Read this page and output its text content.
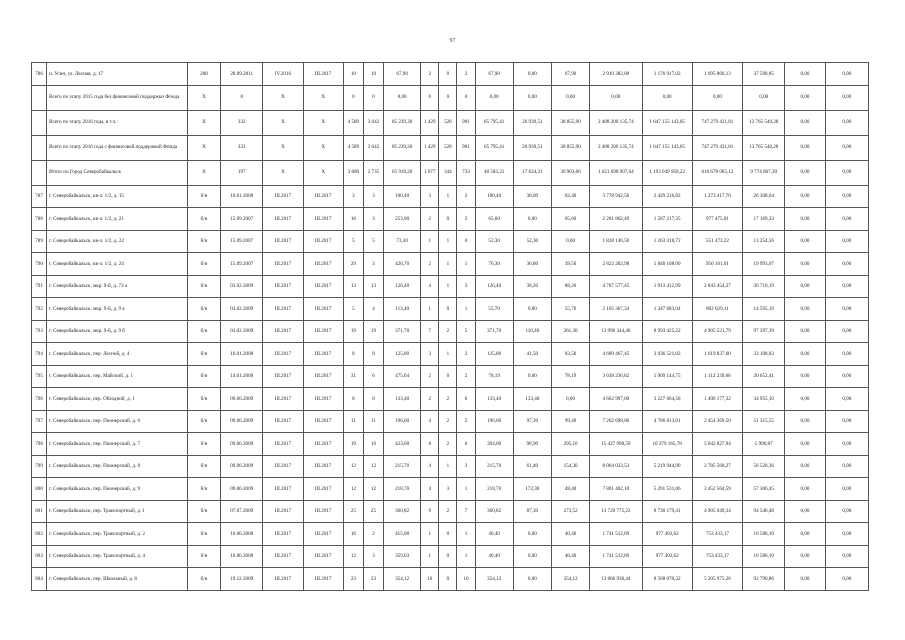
97
786	п. Усин, ул. Лесная, д. 17	288	28.09.2011	IV.2016	III.2017	10	10	67,90	2	0	2	67,90	0,00	67,90	2 910 382,00	1 176 917,02	1 695 866,13	37 598,85	0,00	0,00
	Всего по этапу 2015 года без финансовой поддержки Фонда	X	0	X	X	0	0	0,00	0	0	0	0,00	0,00	0,00	0,00	0,00	0,00	0,00	0,00	0,00
	Всего по этапу 2016 года, в т.ч.:	X	332	X	X	4 589	3 642	85 239,20	1 429	528	901	65 795,41	26 939,51	38 855,90	2 408 200 135,74	1 647 155 143,05	747 279 431,81	13 765 540,28	0,00	0,00
	Всего по этапу 2016 года с финансовой поддержкой Фонда	X	332	X	X	4 589	3 642	85 239,20	1 429	528	901	65 795,41	26 939,51	38 855,90	2 408 200 135,74	1 647 155 143,05	747 279 431,81	13 765 540,28	0,00	0,00
	Итого по Город Северобайкальск	X	197	X	X	3 680	2 735	65 918,20	1 077	344	733	48 583,31	17 624,31	30 963,06	1 621 698 907,64	1 193 049 958,22	616 678 085,12	9 774 867,30	0,00	0,00
787	г. Северобайкальск, кв-л. 1/2, д. 15	б/н	16.01.2008	III.2017	III.2017	3	3	100,40	3	1	2	100,40	38,00	62,40	3 778 942,50	2 429 216,82	1 273 417,70	26 308,04	0,00	0,00
788	г. Северобайкальск, кв-л. 1/2, д. 21	б/н	15.09.2007	III.2017	III.2017	16	3	253,90	2	0	2	65,60	0,00	65,60	2 281 862,49	1 587 217,35	977 475,81	17 169,33	0,00	0,00
789	г. Северобайкальск, кв-л. 1/2, д. 22	б/н	15.09.2007	III.2017	III.2017	5	5	73,30	1	1	0	52,30	52,30	0,00	1 828 146,50	1 263 418,72	551 473,22	13 254,56	0,00	0,00
790	г. Северобайкальск, кв-л. 1/2, д. 24	б/н	15.09.2007	III.2017	III.2017	29	3	426,70	2	1	1	76,30	36,80	39,50	2 822 262,98	1 846 108,00	956 161,91	19 993,07	0,00	0,00
791	г. Северобайкальск, мкр. 9-й, д. 73 а	б/н	03.02.2009	III.2017	III.2017	13	13	126,40	4	1	3	126,40	38,20	88,20	4 787 577,45	1 913 412,99	2 843 454,27	30 710,19	0,00	0,00
792	г. Северобайкальск, мкр. 9-й, д. 9 а	б/н	03.02.2009	III.2017	III.2017	5	4	113,40	1	0	1	55,70	0,00	55,70	2 165 367,34	1 347 683,04	802 629,11	14 595,19	0,00	0,00
793	г. Северобайкальск, мкр. 9-й, д. 9 б	б/н	03.02.2009	III.2017	III.2017	19	19	371,70	7	2	5	371,70	110,40	261,30	13 996 344,40	8 993 425,22	4 905 521,79	97 397,39	0,00	0,00
794	г. Северобайкальск, пер. Лесной, д. 4	б/н	16.01.2008	III.2017	III.2017	8	8	125,80	3	1	2	125,80	41,50	83,50	4 689 467,45	3 036 521,02	1 619 837,60	33 108,83	0,00	0,00
795	г. Северобайкальск, пер. Майский, д. 1	б/н	14.01.2008	III.2017	III.2017	31	6	475,04	2	0	2	78,19	0,00	78,19	3 038 236,82	1 909 144,75	1 112 239,66	20 652,41	0,00	0,00
796	г. Северобайкальск, пер. Обходной, д. 1	б/н	09.06.2009	III.2017	III.2017	8	8	133,40	2	2	0	133,40	133,40	0,00	4 662 997,00	3 227 664,58	1 400 177,32	34 955,10	0,00	0,00
797	г. Северобайкальск, пер. Пионерский, д. 6	б/н	09.06.2009	III.2017	III.2017	11	11	196,60	4	2	2	196,60	97,20	99,40	7 262 698,06	4 786 813,01	2 454 369,50	51 315,55	0,00	0,00
798	г. Северобайкальск, пер. Пионерский, д. 7	б/н	09.06.2009	III.2017	III.2017	19	16	423,60	8	2	6	394,00	98,90	295,10	15 427 990,59	10 379 165,78	5 042 827,94	5 996,87	0,00	0,00
799	г. Северобайкальск, пер. Пионерский, д. 8	б/н	09.06.2009	III.2017	III.2017	12	12	215,70	4	1	3	215,70	61,40	154,30	8 064 033,53	5 219 944,90	2 785 568,27	56 520,36	0,00	0,00
800	г. Северобайкальск, пер. Пионерский, д. 9	б/н	09.06.2009	III.2017	III.2017	12	12	218,70	4	3	1	218,70	172,30	48,40	7 801 402,10	5 291 531,06	2 452 564,59	57 306,45	0,00	0,00
801	г. Северобайкальск, пер. Транспортный, д. 1	б/н	07.07.2009	III.2017	III.2017	25	25	360,82	9	2	7	360,82	87,30	273,52	13 729 775,23	8 730 179,41	4 905 049,34	94 546,48	0,00	0,00
802	г. Северобайкальск, пер. Транспортный, д. 2	б/н	16.06.2008	III.2017	III.2017	16	2	415,00	1	0	1	40,40	0,00	40,40	1 741 512,89	977 493,62	753 433,17	10 586,10	0,00	0,00
803	г. Северобайкальск, пер. Транспортный, д. 4	б/н	16.06.2008	III.2017	III.2017	12	3	359,03	1	0	1	40,40	0,00	40,40	1 741 512,89	977 493,62	753 433,17	10 586,10	0,00	0,00
804	г. Северобайкальск, пер. Школьный, д. 8	б/н	19.12.2009	III.2017	III.2017	23	23	354,12	10	0	10	354,12	0,00	354,12	13 866 936,44	8 568 070,32	5 205 975,26	92 790,86	0,00	0,00
